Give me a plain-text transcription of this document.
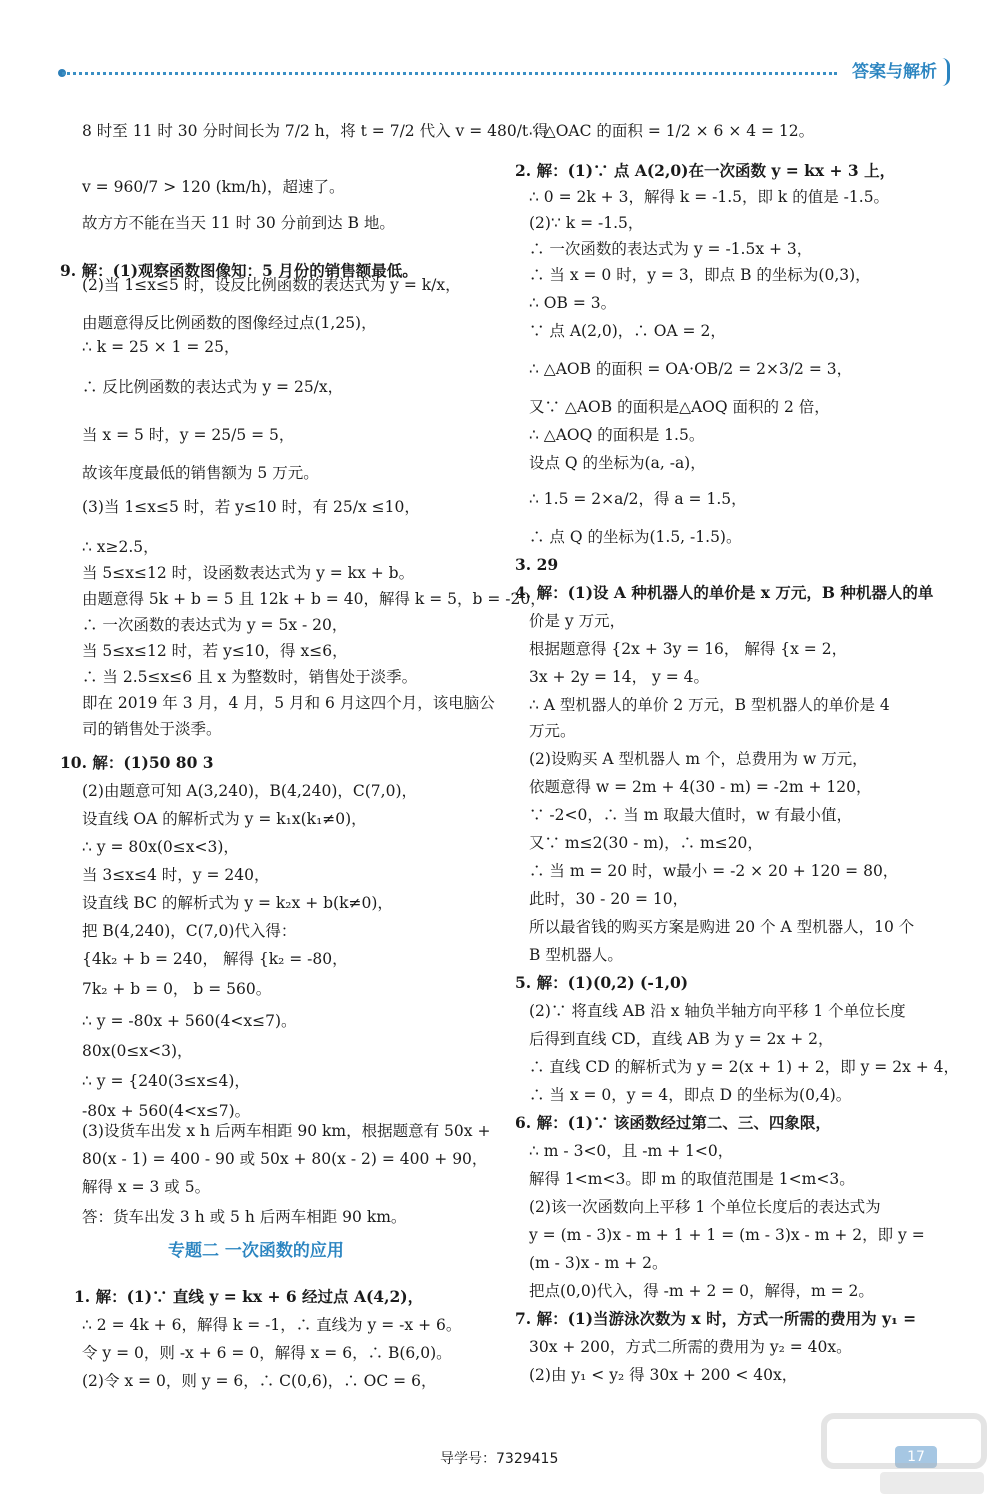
答案与解析
8 时至 11 时 30 分时间长为 7/2 h，将 t = 7/2 代入 v = 480/t 得
v = 960/7 > 120 (km/h)，超速了。
故方方不能在当天 11 时 30 分前到达 B 地。
9. 解：(1)观察函数图像知：5 月份的销售额最低。
(2)当 1≤x≤5 时，设反比例函数的表达式为 y = k/x，
由题意得反比例函数的图像经过点(1,25)，
∴ k = 25 × 1 = 25，
∴ 反比例函数的表达式为 y = 25/x，
当 x = 5 时，y = 25/5 = 5，
故该年度最低的销售额为 5 万元。
(3)当 1≤x≤5 时，若 y≤10 时，有 25/x ≤10，
∴ x≥2.5，
当 5≤x≤12 时，设函数表达式为 y = kx + b。
由题意得 5k + b = 5 且 12k + b = 40，解得 k = 5，b = -20，
∴ 一次函数的表达式为 y = 5x - 20，
当 5≤x≤12 时，若 y≤10，得 x≤6，
∴ 当 2.5≤x≤6 且 x 为整数时，销售处于淡季。
即在 2019 年 3 月，4 月，5 月和 6 月这四个月，该电脑公
司的销售处于淡季。
10. 解：(1)50 80 3
(2)由题意可知 A(3,240)，B(4,240)，C(7,0)，
设直线 OA 的解析式为 y = k₁x(k₁≠0)，
∴ y = 80x(0≤x<3)，
当 3≤x≤4 时，y = 240，
设直线 BC 的解析式为 y = k₂x + b(k≠0)，
把 B(4,240)，C(7,0)代入得：
{4k₂ + b = 240， 解得 {k₂ = -80，
7k₂ + b = 0， b = 560。
∴ y = -80x + 560(4<x≤7)。
80x(0≤x<3)，
∴ y = {240(3≤x≤4)，
-80x + 560(4<x≤7)。
(3)设货车出发 x h 后两车相距 90 km，根据题意有 50x +
80(x - 1) = 400 - 90 或 50x + 80(x - 2) = 400 + 90，
解得 x = 3 或 5。
答：货车出发 3 h 或 5 h 后两车相距 90 km。
1. 解：(1)∵ 直线 y = kx + 6 经过点 A(4,2)，
∴ 2 = 4k + 6，解得 k = -1，∴ 直线为 y = -x + 6。
令 y = 0，则 -x + 6 = 0，解得 x = 6，∴ B(6,0)。
(2)令 x = 0，则 y = 6，∴ C(0,6)，∴ OC = 6，
∴ △OAC 的面积 = 1/2 × 6 × 4 = 12。
2. 解：(1)∵ 点 A(2,0)在一次函数 y = kx + 3 上，
∴ 0 = 2k + 3，解得 k = -1.5，即 k 的值是 -1.5。
(2)∵ k = -1.5，
∴ 一次函数的表达式为 y = -1.5x + 3，
∴ 当 x = 0 时，y = 3，即点 B 的坐标为(0,3)，
∴ OB = 3。
∵ 点 A(2,0)，∴ OA = 2，
∴ △AOB 的面积 = OA·OB/2 = 2×3/2 = 3，
又∵ △AOB 的面积是△AOQ 面积的 2 倍，
∴ △AOQ 的面积是 1.5。
设点 Q 的坐标为(a, -a)，
∴ 1.5 = 2×a/2，得 a = 1.5，
∴ 点 Q 的坐标为(1.5, -1.5)。
3. 29
4. 解：(1)设 A 种机器人的单价是 x 万元，B 种机器人的单
价是 y 万元，
根据题意得 {2x + 3y = 16， 解得 {x = 2，
3x + 2y = 14， y = 4。
∴ A 型机器人的单价 2 万元，B 型机器人的单价是 4
万元。
(2)设购买 A 型机器人 m 个，总费用为 w 万元，
依题意得 w = 2m + 4(30 - m) = -2m + 120，
∵ -2<0，∴ 当 m 取最大值时，w 有最小值，
又∵ m≤2(30 - m)，∴ m≤20，
∴ 当 m = 20 时，w最小 = -2 × 20 + 120 = 80，
此时，30 - 20 = 10，
所以最省钱的购买方案是购进 20 个 A 型机器人，10 个
B 型机器人。
5. 解：(1)(0,2) (-1,0)
(2)∵ 将直线 AB 沿 x 轴负半轴方向平移 1 个单位长度
后得到直线 CD，直线 AB 为 y = 2x + 2，
∴ 直线 CD 的解析式为 y = 2(x + 1) + 2，即 y = 2x + 4，
∴ 当 x = 0，y = 4，即点 D 的坐标为(0,4)。
6. 解：(1)∵ 该函数经过第二、三、四象限，
∴ m - 3<0，且 -m + 1<0，
解得 1<m<3。即 m 的取值范围是 1<m<3。
(2)该一次函数向上平移 1 个单位长度后的表达式为
y = (m - 3)x - m + 1 + 1 = (m - 3)x - m + 2，即 y =
(m - 3)x - m + 2。
把点(0,0)代入，得 -m + 2 = 0，解得，m = 2。
7. 解：(1)当游泳次数为 x 时，方式一所需的费用为 y₁ =
30x + 200，方式二所需的费用为 y₂ = 40x。
(2)由 y₁ < y₂ 得 30x + 200 < 40x，
专题二 一次函数的应用
导学号：7329415	17
